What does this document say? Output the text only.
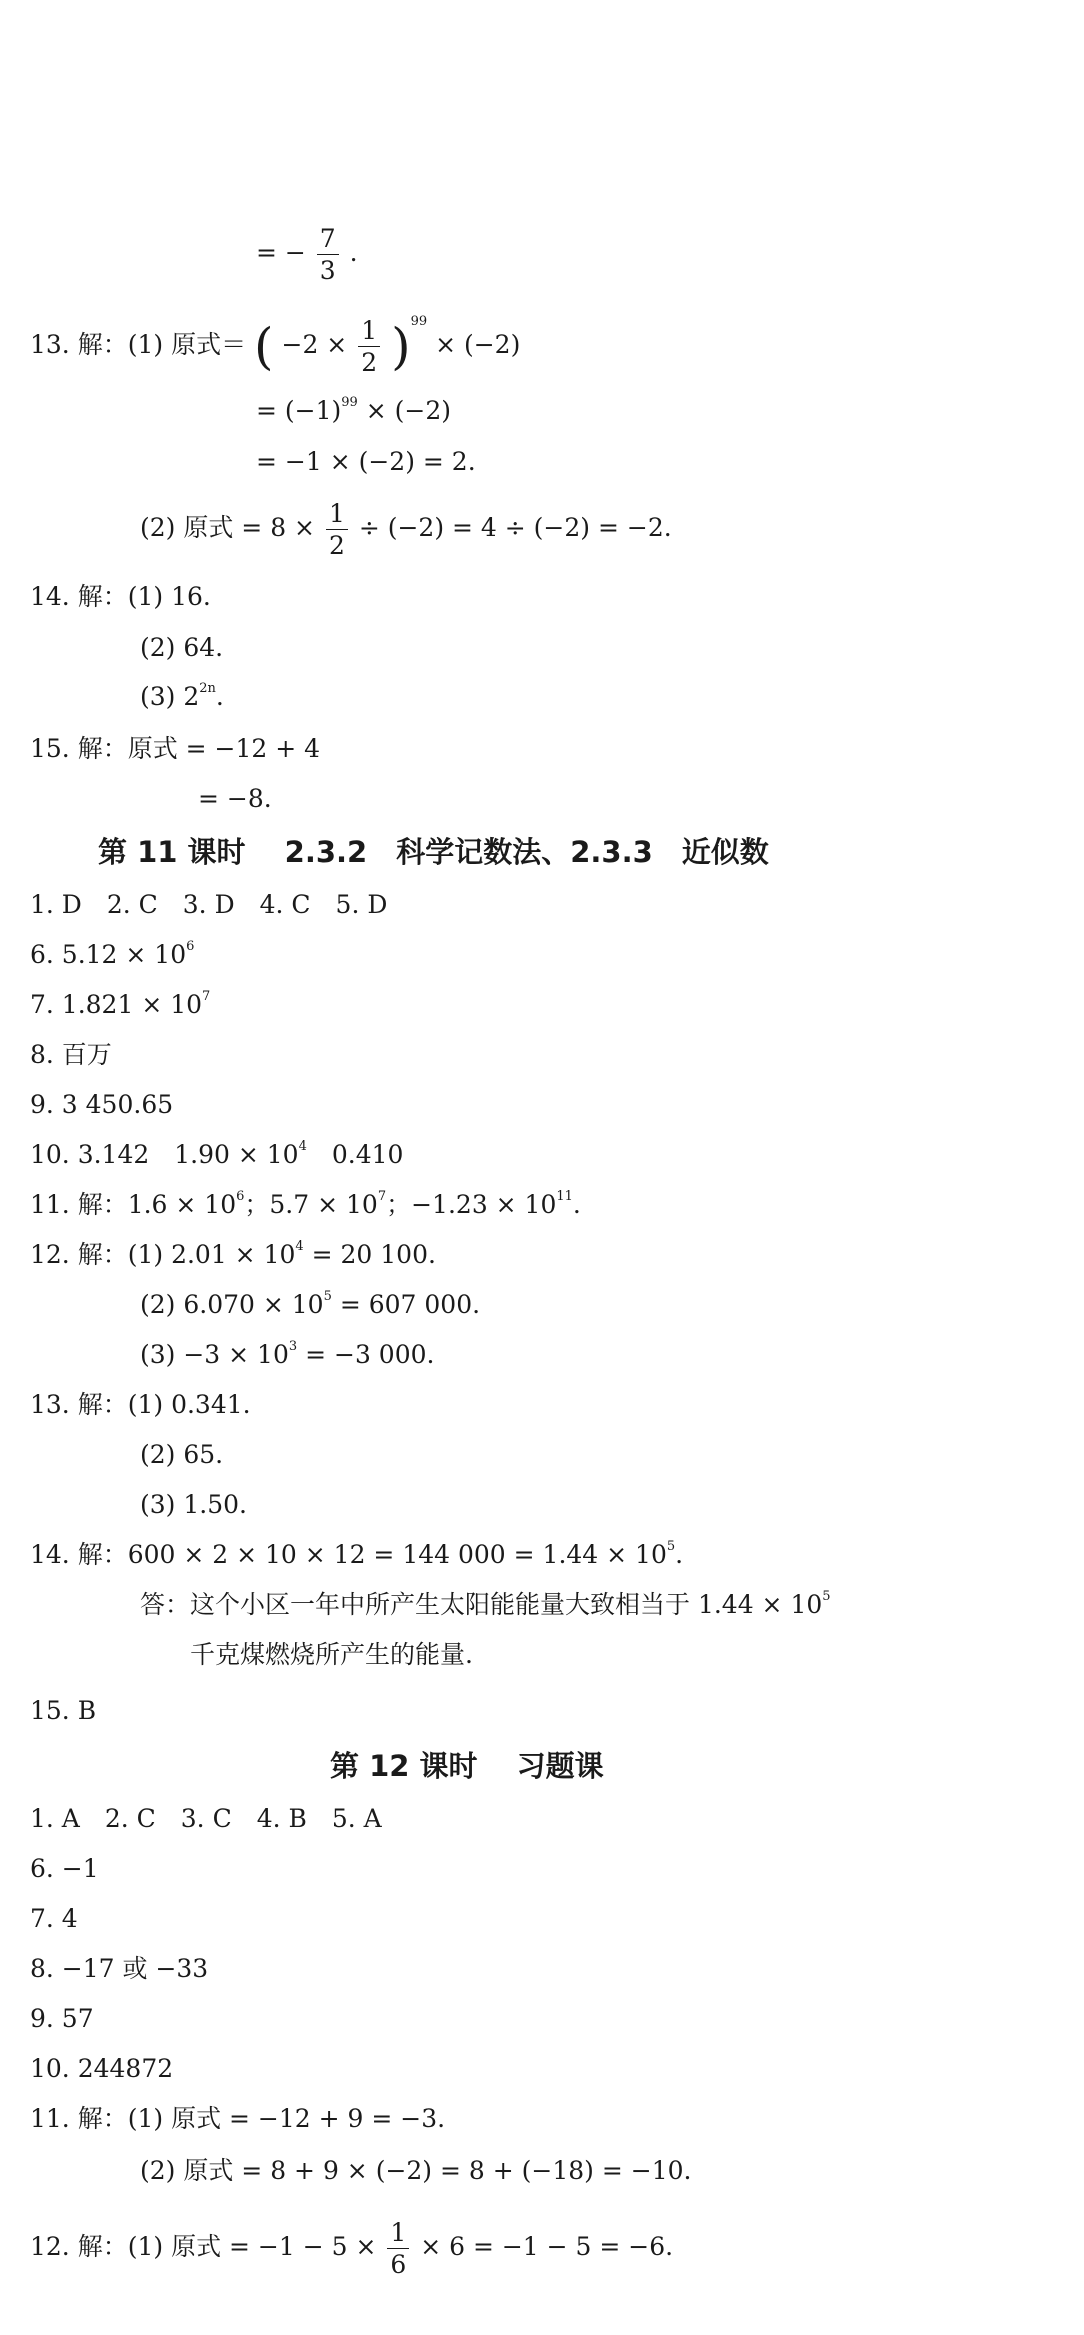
= − $\frac{7}{3}$ .
13. 解：(1) 原式＝ ( $-2 \times \frac{1}{2} )^{99} \times (-2)$
= $(-1)^{99} \times (-2)$
= −1 × (−2) = 2.
(2) 原式 = $8 \times \frac{1}{2} \div (-2) = 4 \div (-2) = -2$.
14. 解：(1) 16.
(2) 64.
(3) $2^{2n}$.
15. 解：原式 = −12 + 4
= −8.
第 11 课时　 2.3.2　科学记数法、2.3.3　近似数
1. D　2. C　3. D　4. C　5. D
6. $5.12 \times 10^6$
7. $1.821 \times 10^7$
8. 百万
9. 3 450.65
10. 3.142　$1.90 \times 10^4$　0.410
11. 解：$1.6 \times 10^6$；$5.7 \times 10^7$；$-1.23 \times 10^{11}$.
12. 解：(1) $2.01 \times 10^4 = 20$ 100.
(2) $6.070 \times 10^5 = 607$ 000.
$(3) -3 \times 10^3 = -3$ 000.
13. 解：(1) 0.341.
(2) 65.
(3) 1.50.
14. 解：600 × 2 × 10 × 12 = 144 $000 = 1.44 \times 10^5$.
答：这个小区一年中所产生太阳能能量大致相当于 $1.44 \times 10^5$
千克煤燃烧所产生的能量.
15. B
第 12 课时　 习题课
1. A　2. C　3. C　4. B　5. A
6. −1
7. 4
8. −17 或 −33
9. 57
10. 244872
11. 解：(1) 原式 = −12 + 9 = −3.
(2) 原式 = 8 + 9 × (−2) = 8 + (−18) = −10.
12. 解：(1) 原式 = $-1 - 5 \times \frac{1}{6} \times 6 = -1 - 5 = -6$.
